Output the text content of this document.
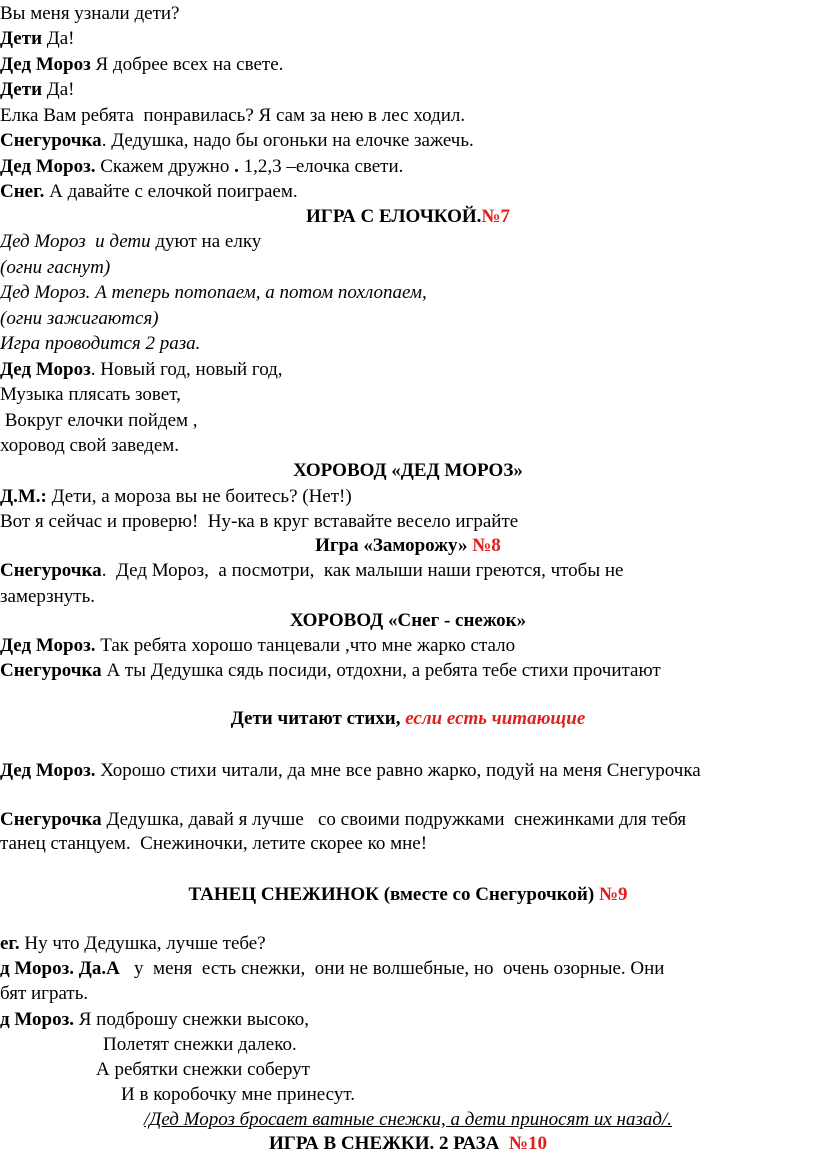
Вы меня узнали дети?
Дети Да!
Дед Мороз Я добрее всех на свете.
Дети Да!
Елка Вам ребята  понравилась? Я сам за нею в лес ходил.
Снегурочка. Дедушка, надо бы огоньки на елочке зажечь.
Дед Мороз. Скажем дружно . 1,2,3 –елочка свети.
Снег. А давайте с елочкой поиграем.
ИГРА С ЕЛОЧКОЙ.№7
Дед Мороз  и дети дуют на елку
(огни гаснут)
Дед Мороз. А теперь потопаем, а потом похлопаем,
(огни зажигаются)
Игра проводится 2 раза.
Дед Мороз. Новый год, новый год,
Музыка плясать зовет,
Вокруг елочки пойдем ,
хоровод свой заведем.
ХОРОВОД «ДЕД МОРОЗ»
Д.М.: Дети, а мороза вы не боитесь? (Нет!)
Вот я сейчас и проверю!  Ну-ка в круг вставайте весело играйте
Игра «Заморожу» №8
Снегурочка.  Дед Мороз,  а посмотри,  как малыши наши греются, чтобы не
замерзнуть.
ХОРОВОД «Снег - снежок»
Дед Мороз. Так ребята хорошо танцевали ,что мне жарко стало
Снегурочка А ты Дедушка сядь посиди, отдохни, а ребята тебе стихи прочитают
Дети читают стихи, если есть читающие
Дед Мороз. Хорошо стихи читали, да мне все равно жарко, подуй на меня Снегурочка
Снегурочка Дедушка, давай я лучше   со своими подружками  снежинками для тебя
танец станцуем.  Снежиночки, летите скорее ко мне!
ТАНЕЦ СНЕЖИНОК (вместе со Снегурочкой) №9
ег. Ну что Дедушка, лучше тебе?
д Мороз. Да.А   у  меня  есть снежки,  они не волшебные, но  очень озорные. Они
бят играть.
д Мороз. Я подброшу снежки высоко,
Полетят снежки далеко.
А ребятки снежки соберут
И в коробочку мне принесут.
/Дед Мороз бросает ватные снежки, а дети приносят их назад/.
ИГРА В СНЕЖКИ. 2 РАЗА  №10
